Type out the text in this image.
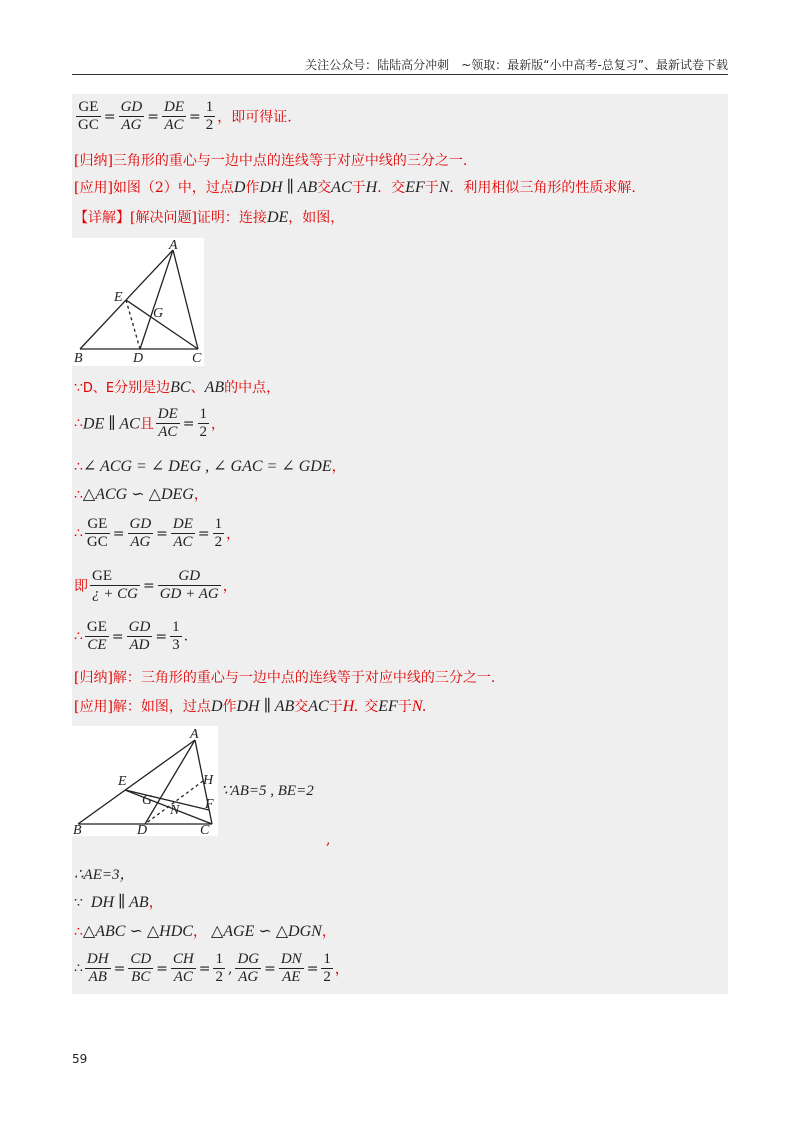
关注公众号：陆陆高分冲刺　~领取：最新版“小中高考-总复习”、最新试卷下载
$\frac{GE}{GC} = \frac{GD}{AG} = \frac{DE}{AC} = \frac{1}{2}$ ，即可得证.
[归纳]三角形的重心与一边中点的连线等于对应中线的三分之一.
[应用]如图（2）中，过点D作DH ∥ AB交AC于H．交EF于N．利用相似三角形的性质求解.
【详解】[解决问题]证明：连接DE，如图，
A
E
G
B	D	C
∵D、E分别是边BC、AB的中点，
∴DE ∥ AC且 $\frac{DE}{AC} = \frac{1}{2}$ ，
∴∠ ACG = ∠ DEG , ∠ GAC = ∠ GDE，
∴△ACG ∽ △DEG，
∴ $\frac{GE}{GC} = \frac{GD}{AG} = \frac{DE}{AC} = \frac{1}{2}$ ，
即 $\frac{GE}{¿ + CG} = \frac{GD}{GD + AG}$ ，
∴ $\frac{GE}{CE} = \frac{GD}{AD} = \frac{1}{3}$ .
[归纳]解：三角形的重心与一边中点的连线等于对应中线的三分之一.
[应用]解：如图，过点D作DH ∥ AB交AC于H. 交EF于N.
A
E	H
G
N F
B	D	C
∵AB=5 , BE=2
,
∴AE=3，
∵ DH ∥ AB，
∴△ABC ∽ △HDC， △AGE ∽ △DGN，
∴ $\frac{DH}{AB} = \frac{CD}{BC} = \frac{CH}{AC} = \frac{1}{2}$ , $\frac{DG}{AG} = \frac{DN}{AE} = \frac{1}{2}$ ，
59
